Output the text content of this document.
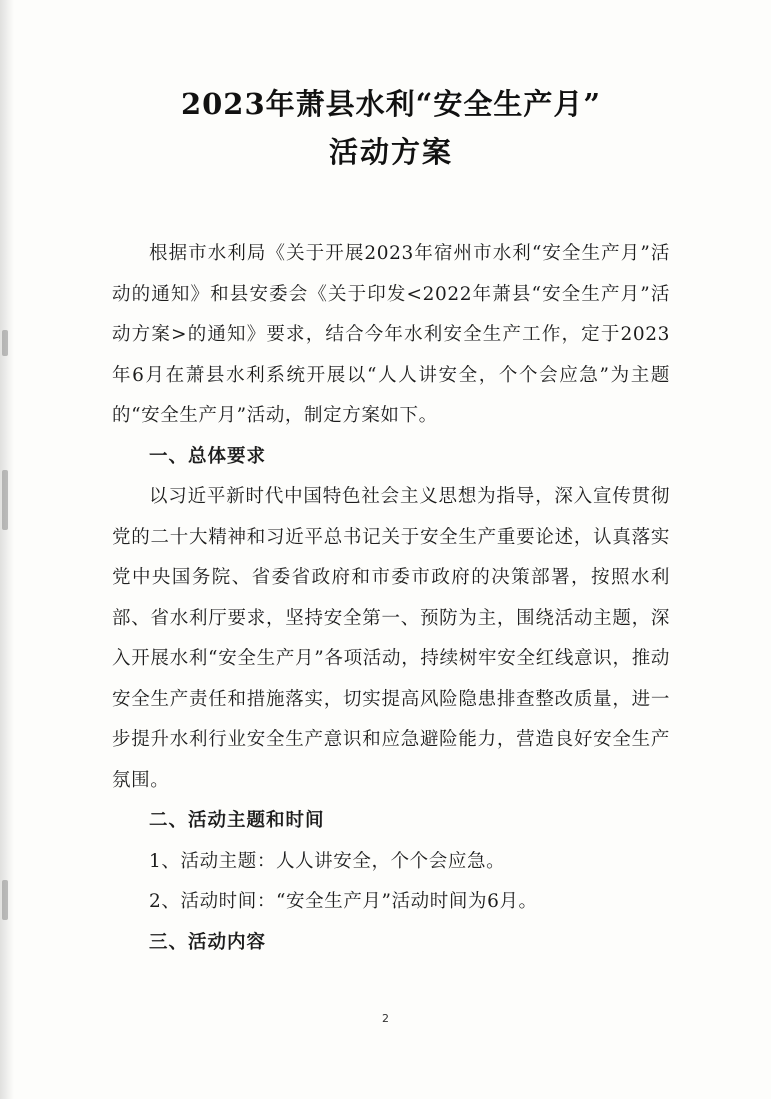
2023年萧县水利“安全生产月”
活动方案

根据市水利局《关于开展2023年宿州市水利“安全生产月”活动的通知》和县安委会《关于印发<2022年萧县“安全生产月”活动方案>的通知》要求，结合今年水利安全生产工作，定于2023年6月在萧县水利系统开展以“人人讲安全，个个会应急”为主题的“安全生产月”活动，制定方案如下。

一、总体要求

以习近平新时代中国特色社会主义思想为指导，深入宣传贯彻党的二十大精神和习近平总书记关于安全生产重要论述，认真落实党中央国务院、省委省政府和市委市政府的决策部署，按照水利部、省水利厅要求，坚持安全第一、预防为主，围绕活动主题，深入开展水利“安全生产月”各项活动，持续树牢安全红线意识，推动安全生产责任和措施落实，切实提高风险隐患排查整改质量，进一步提升水利行业安全生产意识和应急避险能力，营造良好安全生产氛围。

二、活动主题和时间

1、活动主题：人人讲安全，个个会应急。

2、活动时间：“安全生产月”活动时间为6月。

三、活动内容

2
